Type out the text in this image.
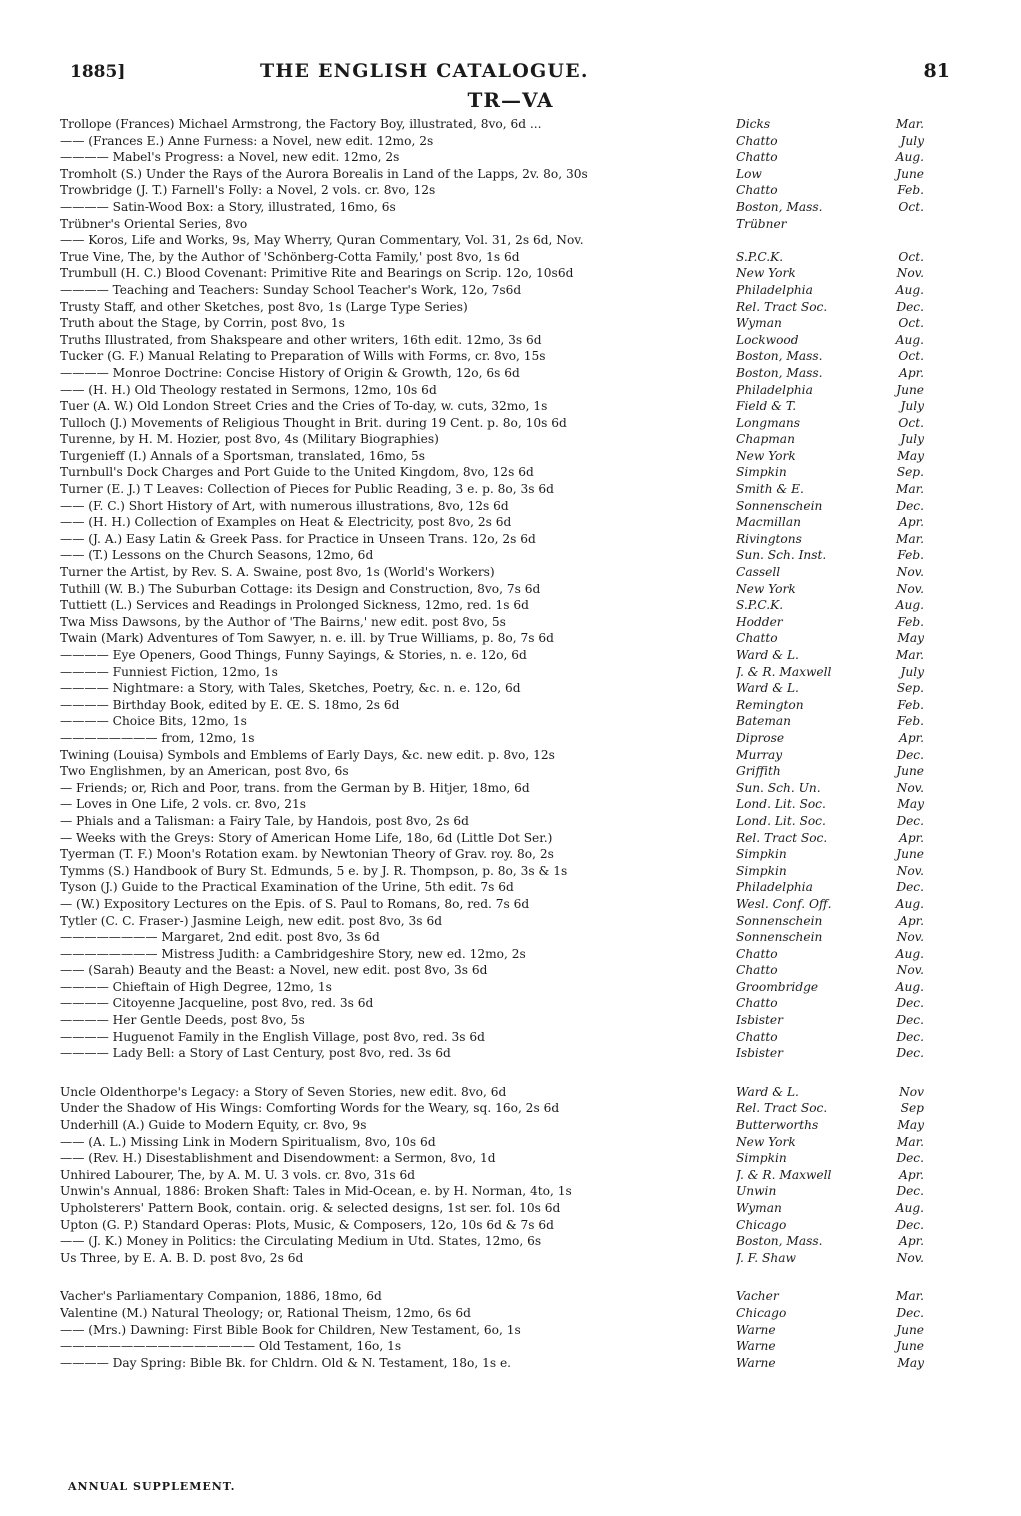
1885]	THE ENGLISH CATALOGUE.	81
TR—VA
Trollope (Frances) Michael Armstrong, the Factory Boy, illustrated, 8vo, 6d ...	Dicks	Mar.
—— (Frances E.) Anne Furness: a Novel, new edit. 12mo, 2s	Chatto	July
———— Mabel's Progress: a Novel, new edit. 12mo, 2s	Chatto	Aug.
Tromholt (S.) Under the Rays of the Aurora Borealis in Land of the Lapps, 2v. 8o, 30s	Low	June
Trowbridge (J. T.) Farnell's Folly: a Novel, 2 vols. cr. 8vo, 12s	Chatto	Feb.
———— Satin-Wood Box: a Story, illustrated, 16mo, 6s	Boston, Mass.	Oct.
Trübner's Oriental Series, 8vo	Trübner
—— Koros, Life and Works, 9s, May Wherry, Quran Commentary, Vol. 31, 2s 6d, Nov.
True Vine, The, by the Author of 'Schönberg-Cotta Family,' post 8vo, 1s 6d	S.P.C.K.	Oct.
Trumbull (H. C.) Blood Covenant: Primitive Rite and Bearings on Scrip. 12o, 10s6d	New York	Nov.
———— Teaching and Teachers: Sunday School Teacher's Work, 12o, 7s6d	Philadelphia	Aug.
Trusty Staff, and other Sketches, post 8vo, 1s (Large Type Series)	Rel. Tract Soc.	Dec.
Truth about the Stage, by Corrin, post 8vo, 1s	Wyman	Oct.
Truths Illustrated, from Shakspeare and other writers, 16th edit. 12mo, 3s 6d	Lockwood	Aug.
Tucker (G. F.) Manual Relating to Preparation of Wills with Forms, cr. 8vo, 15s	Boston, Mass.	Oct.
———— Monroe Doctrine: Concise History of Origin & Growth, 12o, 6s 6d	Boston, Mass.	Apr.
—— (H. H.) Old Theology restated in Sermons, 12mo, 10s 6d	Philadelphia	June
Tuer (A. W.) Old London Street Cries and the Cries of To-day, w. cuts, 32mo, 1s	Field & T.	July
Tulloch (J.) Movements of Religious Thought in Brit. during 19 Cent. p. 8o, 10s 6d	Longmans	Oct.
Turenne, by H. M. Hozier, post 8vo, 4s (Military Biographies)	Chapman	July
Turgenieff (I.) Annals of a Sportsman, translated, 16mo, 5s	New York	May
Turnbull's Dock Charges and Port Guide to the United Kingdom, 8vo, 12s 6d	Simpkin	Sep.
Turner (E. J.) T Leaves: Collection of Pieces for Public Reading, 3 e. p. 8o, 3s 6d	Smith & E.	Mar.
—— (F. C.) Short History of Art, with numerous illustrations, 8vo, 12s 6d	Sonnenschein	Dec.
—— (H. H.) Collection of Examples on Heat & Electricity, post 8vo, 2s 6d	Macmillan	Apr.
—— (J. A.) Easy Latin & Greek Pass. for Practice in Unseen Trans. 12o, 2s 6d	Rivingtons	Mar.
—— (T.) Lessons on the Church Seasons, 12mo, 6d	Sun. Sch. Inst.	Feb.
Turner the Artist, by Rev. S. A. Swaine, post 8vo, 1s (World's Workers)	Cassell	Nov.
Tuthill (W. B.) The Suburban Cottage: its Design and Construction, 8vo, 7s 6d	New York	Nov.
Tuttiett (L.) Services and Readings in Prolonged Sickness, 12mo, red. 1s 6d	S.P.C.K.	Aug.
Twa Miss Dawsons, by the Author of 'The Bairns,' new edit. post 8vo, 5s	Hodder	Feb.
Twain (Mark) Adventures of Tom Sawyer, n. e. ill. by True Williams, p. 8o, 7s 6d	Chatto	May
———— Eye Openers, Good Things, Funny Sayings, & Stories, n. e. 12o, 6d	Ward & L.	Mar.
———— Funniest Fiction, 12mo, 1s	J. & R. Maxwell	July
———— Nightmare: a Story, with Tales, Sketches, Poetry, &c. n. e. 12o, 6d	Ward & L.	Sep.
———— Birthday Book, edited by E. Œ. S. 18mo, 2s 6d	Remington	Feb.
———— Choice Bits, 12mo, 1s	Bateman	Feb.
———————— from, 12mo, 1s	Diprose	Apr.
Twining (Louisa) Symbols and Emblems of Early Days, &c. new edit. p. 8vo, 12s	Murray	Dec.
Two Englishmen, by an American, post 8vo, 6s	Griffith	June
— Friends; or, Rich and Poor, trans. from the German by B. Hitjer, 18mo, 6d	Sun. Sch. Un.	Nov.
— Loves in One Life, 2 vols. cr. 8vo, 21s	Lond. Lit. Soc.	May
— Phials and a Talisman: a Fairy Tale, by Handois, post 8vo, 2s 6d	Lond. Lit. Soc.	Dec.
— Weeks with the Greys: Story of American Home Life, 18o, 6d (Little Dot Ser.)	Rel. Tract Soc.	Apr.
Tyerman (T. F.) Moon's Rotation exam. by Newtonian Theory of Grav. roy. 8o, 2s	Simpkin	June
Tymms (S.) Handbook of Bury St. Edmunds, 5 e. by J. R. Thompson, p. 8o, 3s & 1s	Simpkin	Nov.
Tyson (J.) Guide to the Practical Examination of the Urine, 5th edit. 7s 6d	Philadelphia	Dec.
— (W.) Expository Lectures on the Epis. of S. Paul to Romans, 8o, red. 7s 6d	Wesl. Conf. Off.	Aug.
Tytler (C. C. Fraser-) Jasmine Leigh, new edit. post 8vo, 3s 6d	Sonnenschein	Apr.
———————— Margaret, 2nd edit. post 8vo, 3s 6d	Sonnenschein	Nov.
———————— Mistress Judith: a Cambridgeshire Story, new ed. 12mo, 2s	Chatto	Aug.
—— (Sarah) Beauty and the Beast: a Novel, new edit. post 8vo, 3s 6d	Chatto	Nov.
———— Chieftain of High Degree, 12mo, 1s	Groombridge	Aug.
———— Citoyenne Jacqueline, post 8vo, red. 3s 6d	Chatto	Dec.
———— Her Gentle Deeds, post 8vo, 5s	Isbister	Dec.
———— Huguenot Family in the English Village, post 8vo, red. 3s 6d	Chatto	Dec.
———— Lady Bell: a Story of Last Century, post 8vo, red. 3s 6d	Isbister	Dec.
Uncle Oldenthorpe's Legacy: a Story of Seven Stories, new edit. 8vo, 6d	Ward & L.	Nov
Under the Shadow of His Wings: Comforting Words for the Weary, sq. 16o, 2s 6d	Rel. Tract Soc.	Sep
Underhill (A.) Guide to Modern Equity, cr. 8vo, 9s	Butterworths	May
—— (A. L.) Missing Link in Modern Spiritualism, 8vo, 10s 6d	New York	Mar.
—— (Rev. H.) Disestablishment and Disendowment: a Sermon, 8vo, 1d	Simpkin	Dec.
Unhired Labourer, The, by A. M. U. 3 vols. cr. 8vo, 31s 6d	J. & R. Maxwell	Apr.
Unwin's Annual, 1886: Broken Shaft: Tales in Mid-Ocean, e. by H. Norman, 4to, 1s	Unwin	Dec.
Upholsterers' Pattern Book, contain. orig. & selected designs, 1st ser. fol. 10s 6d	Wyman	Aug.
Upton (G. P.) Standard Operas: Plots, Music, & Composers, 12o, 10s 6d & 7s 6d	Chicago	Dec.
—— (J. K.) Money in Politics: the Circulating Medium in Utd. States, 12mo, 6s	Boston, Mass.	Apr.
Us Three, by E. A. B. D. post 8vo, 2s 6d	J. F. Shaw	Nov.
Vacher's Parliamentary Companion, 1886, 18mo, 6d	Vacher	Mar.
Valentine (M.) Natural Theology; or, Rational Theism, 12mo, 6s 6d	Chicago	Dec.
—— (Mrs.) Dawning: First Bible Book for Children, New Testament, 6o, 1s	Warne	June
———————————————— Old Testament, 16o, 1s	Warne	June
———— Day Spring: Bible Bk. for Chldrn. Old & N. Testament, 18o, 1s e.	Warne	May
ANNUAL SUPPLEMENT.
